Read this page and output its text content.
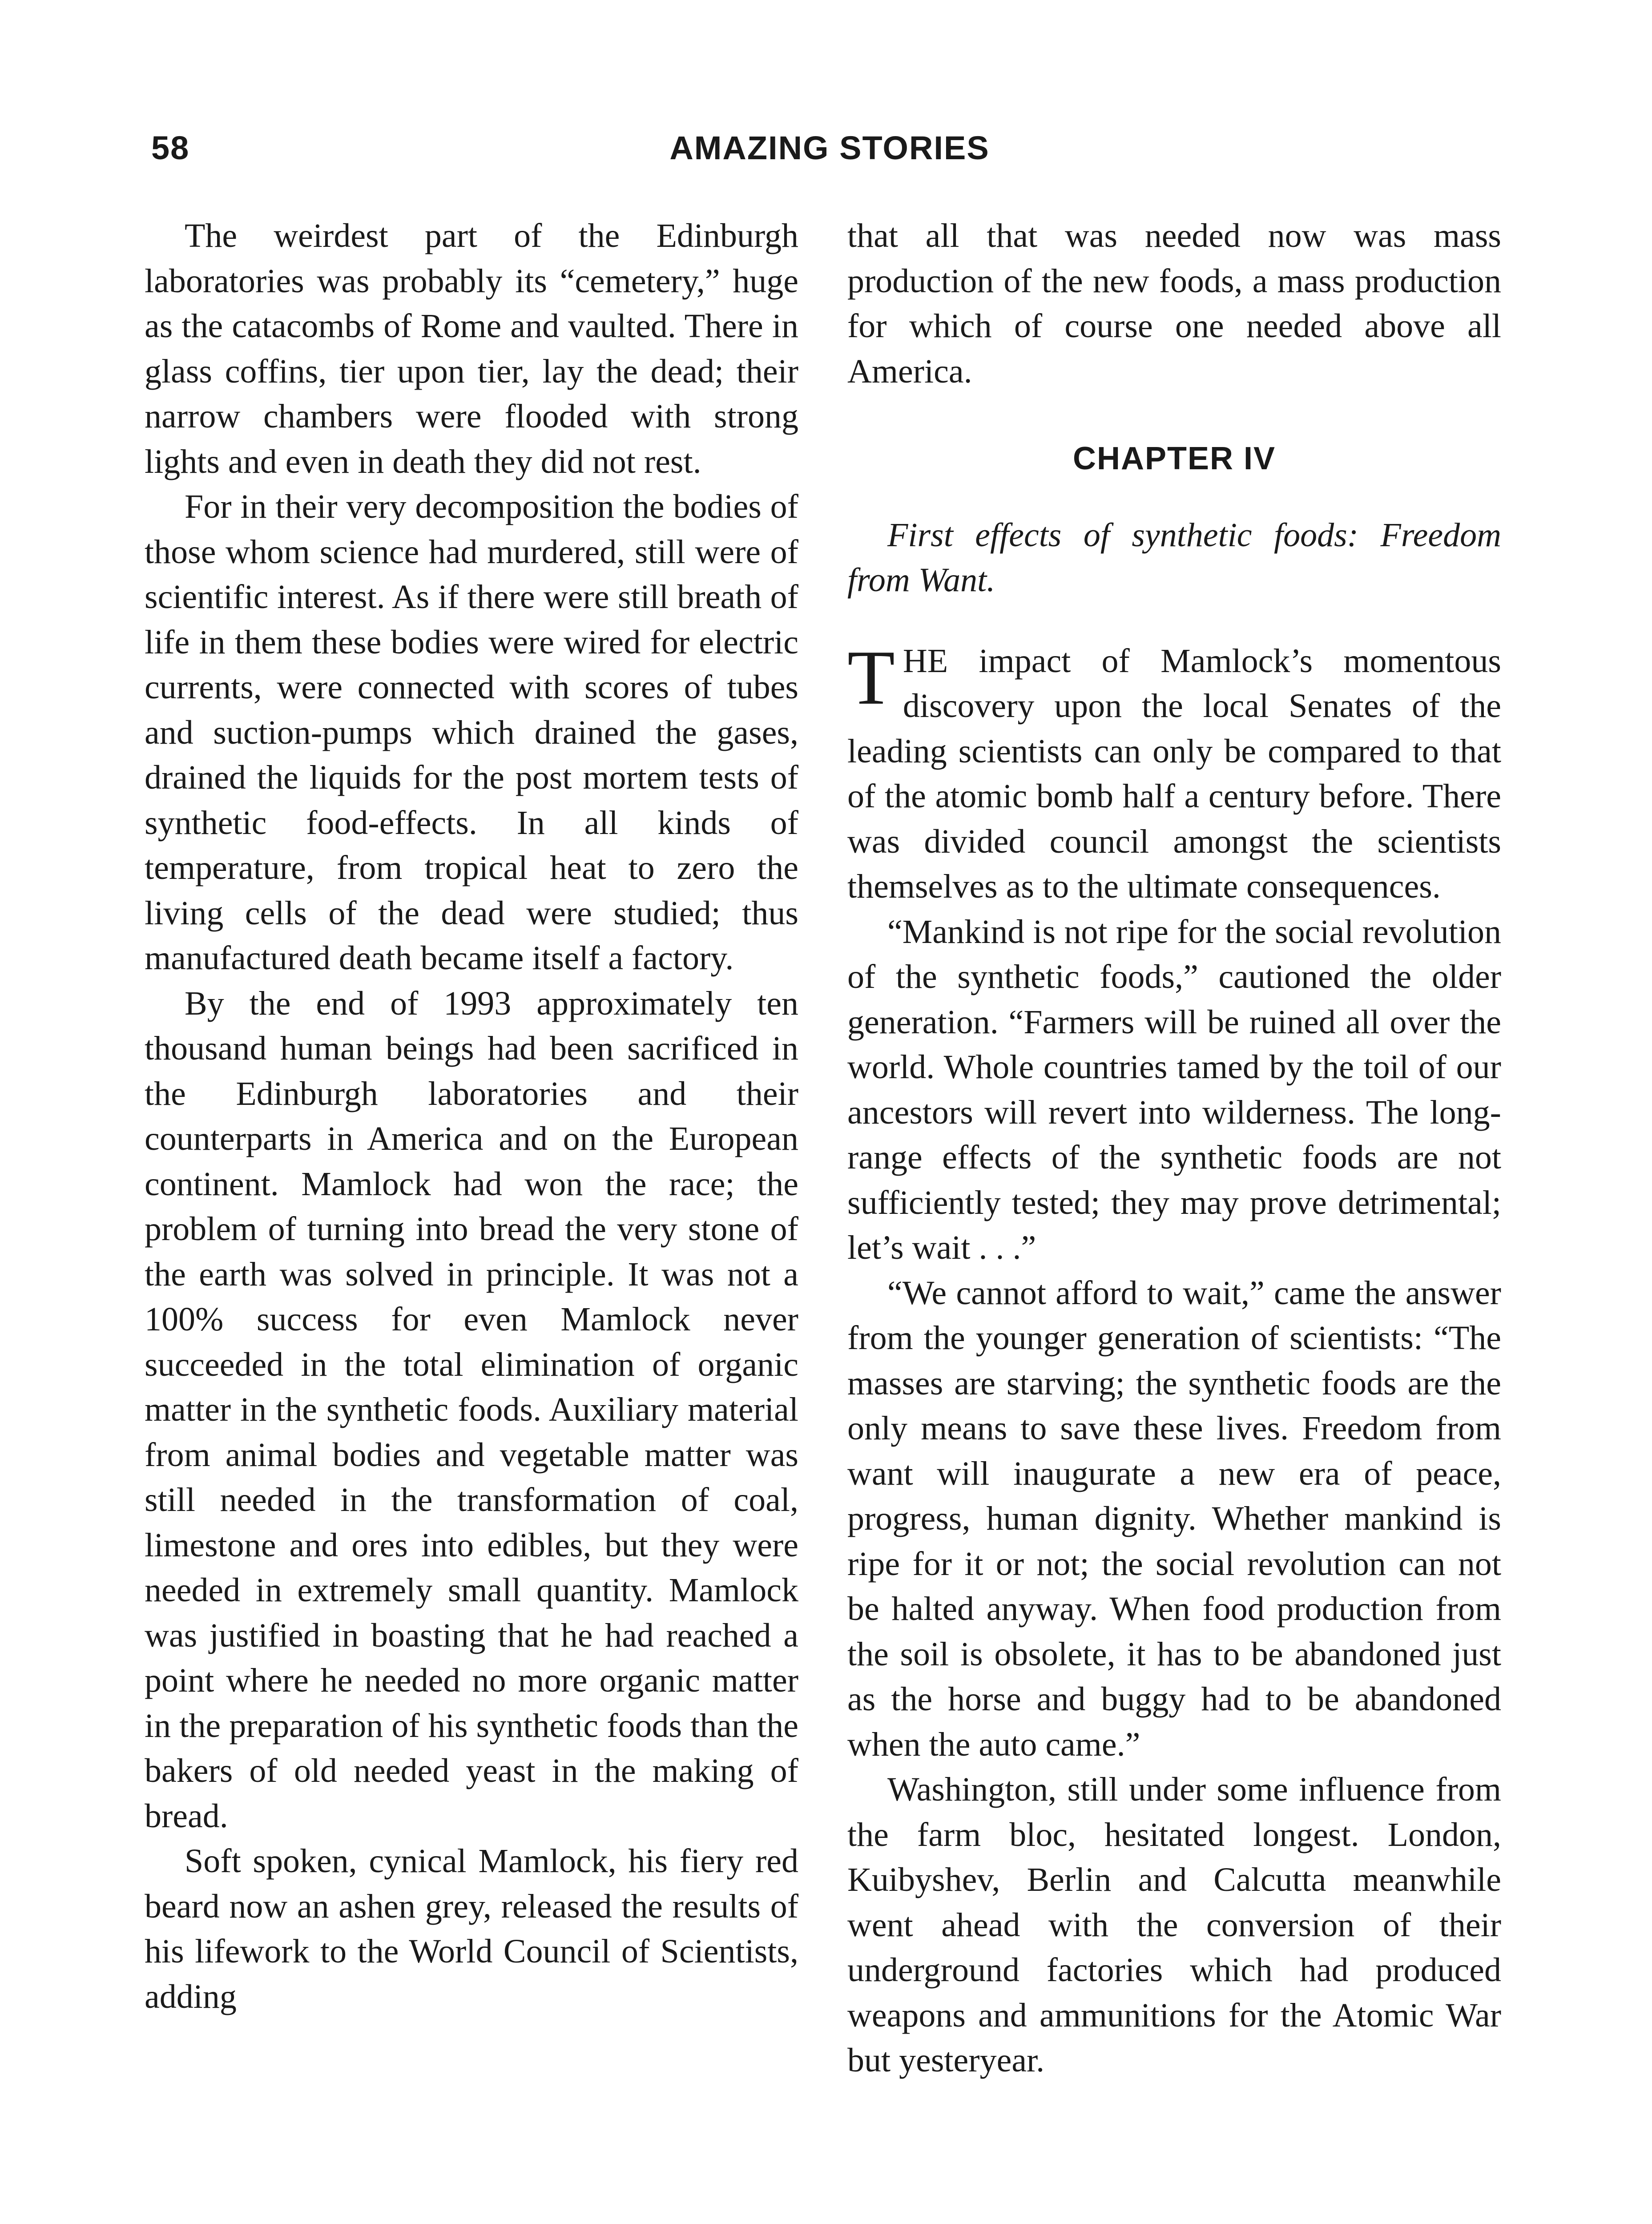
58	AMAZING STORIES

The weirdest part of the Edinburgh laboratories was probably its “cemetery,” huge as the catacombs of Rome and vaulted. There in glass coffins, tier upon tier, lay the dead; their narrow chambers were flooded with strong lights and even in death they did not rest.

For in their very decomposition the bodies of those whom science had murdered, still were of scientific interest. As if there were still breath of life in them these bodies were wired for electric currents, were connected with scores of tubes and suction-pumps which drained the gases, drained the liquids for the post mortem tests of synthetic food-effects. In all kinds of temperature, from tropical heat to zero the living cells of the dead were studied; thus manufactured death became itself a factory.

By the end of 1993 approximately ten thousand human beings had been sacrificed in the Edinburgh laboratories and their counterparts in America and on the European continent. Mamlock had won the race; the problem of turning into bread the very stone of the earth was solved in principle. It was not a 100% success for even Mamlock never succeeded in the total elimination of organic matter in the synthetic foods. Auxiliary material from animal bodies and vegetable matter was still needed in the transformation of coal, limestone and ores into edibles, but they were needed in extremely small quantity. Mamlock was justified in boasting that he had reached a point where he needed no more organic matter in the preparation of his synthetic foods than the bakers of old needed yeast in the making of bread.

Soft spoken, cynical Mamlock, his fiery red beard now an ashen grey, released the results of his lifework to the World Council of Scientists, adding

that all that was needed now was mass production of the new foods, a mass production for which of course one needed above all America.

CHAPTER IV

First effects of synthetic foods: Freedom from Want.

THE impact of Mamlock’s momentous discovery upon the local Senates of the leading scientists can only be compared to that of the atomic bomb half a century before. There was divided council amongst the scientists themselves as to the ultimate consequences.

“Mankind is not ripe for the social revolution of the synthetic foods,” cautioned the older generation. “Farmers will be ruined all over the world. Whole countries tamed by the toil of our ancestors will revert into wilderness. The long-range effects of the synthetic foods are not sufficiently tested; they may prove detrimental; let’s wait . . .”

“We cannot afford to wait,” came the answer from the younger generation of scientists: “The masses are starving; the synthetic foods are the only means to save these lives. Freedom from want will inaugurate a new era of peace, progress, human dignity. Whether mankind is ripe for it or not; the social revolution can not be halted anyway. When food production from the soil is obsolete, it has to be abandoned just as the horse and buggy had to be abandoned when the auto came.”

Washington, still under some influence from the farm bloc, hesitated longest. London, Kuibyshev, Berlin and Calcutta meanwhile went ahead with the conversion of their underground factories which had produced weapons and ammunitions for the Atomic War but yesteryear.
